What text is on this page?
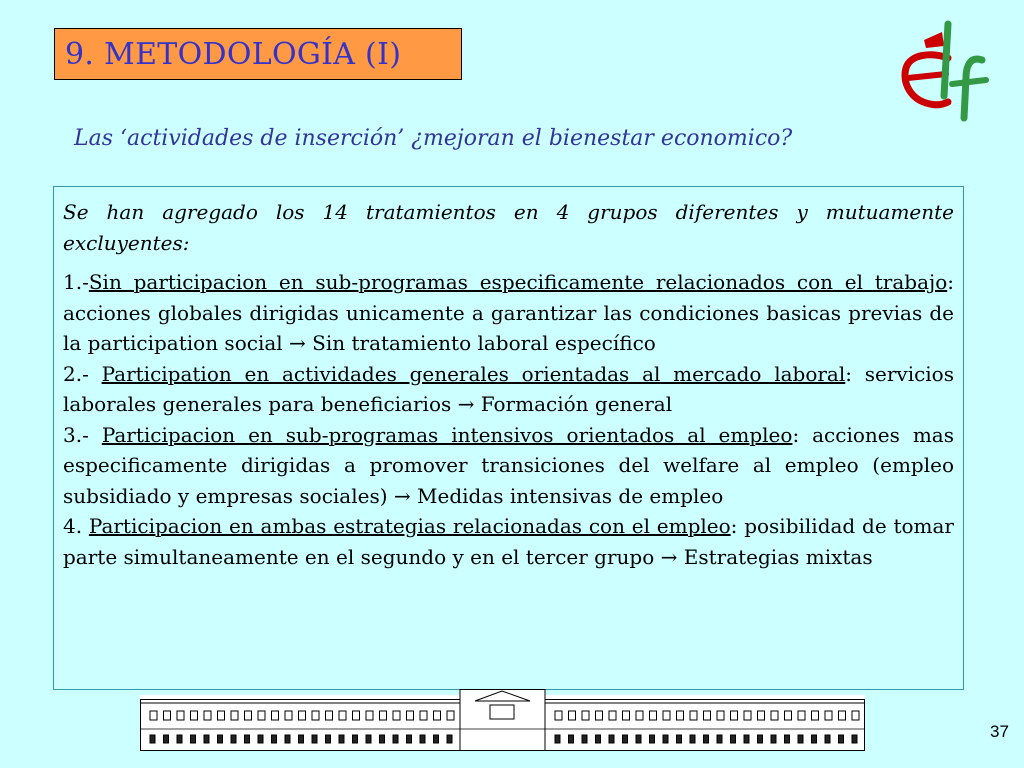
9. METODOLOGÍA (I)
Las ‘actividades de inserción’ ¿mejoran el bienestar economico?

Se han agregado los 14 tratamientos en 4 grupos diferentes y mutuamente excluyentes:

1.-Sin participacion en sub-programas especificamente relacionados con el trabajo: acciones globales dirigidas unicamente a garantizar las condiciones basicas previas de la participation social → Sin tratamiento laboral específico

2.- Participation en actividades generales orientadas al mercado laboral: servicios laborales generales para beneficiarios → Formación general

3.- Participacion en sub-programas intensivos orientados al empleo: acciones mas especificamente dirigidas a promover transiciones del welfare al empleo (empleo subsidiado y empresas sociales) → Medidas intensivas de empleo

4. Participacion en ambas estrategias relacionadas con el empleo: posibilidad de tomar parte simultaneamente en el segundo y en el tercer grupo → Estrategias mixtas

37
